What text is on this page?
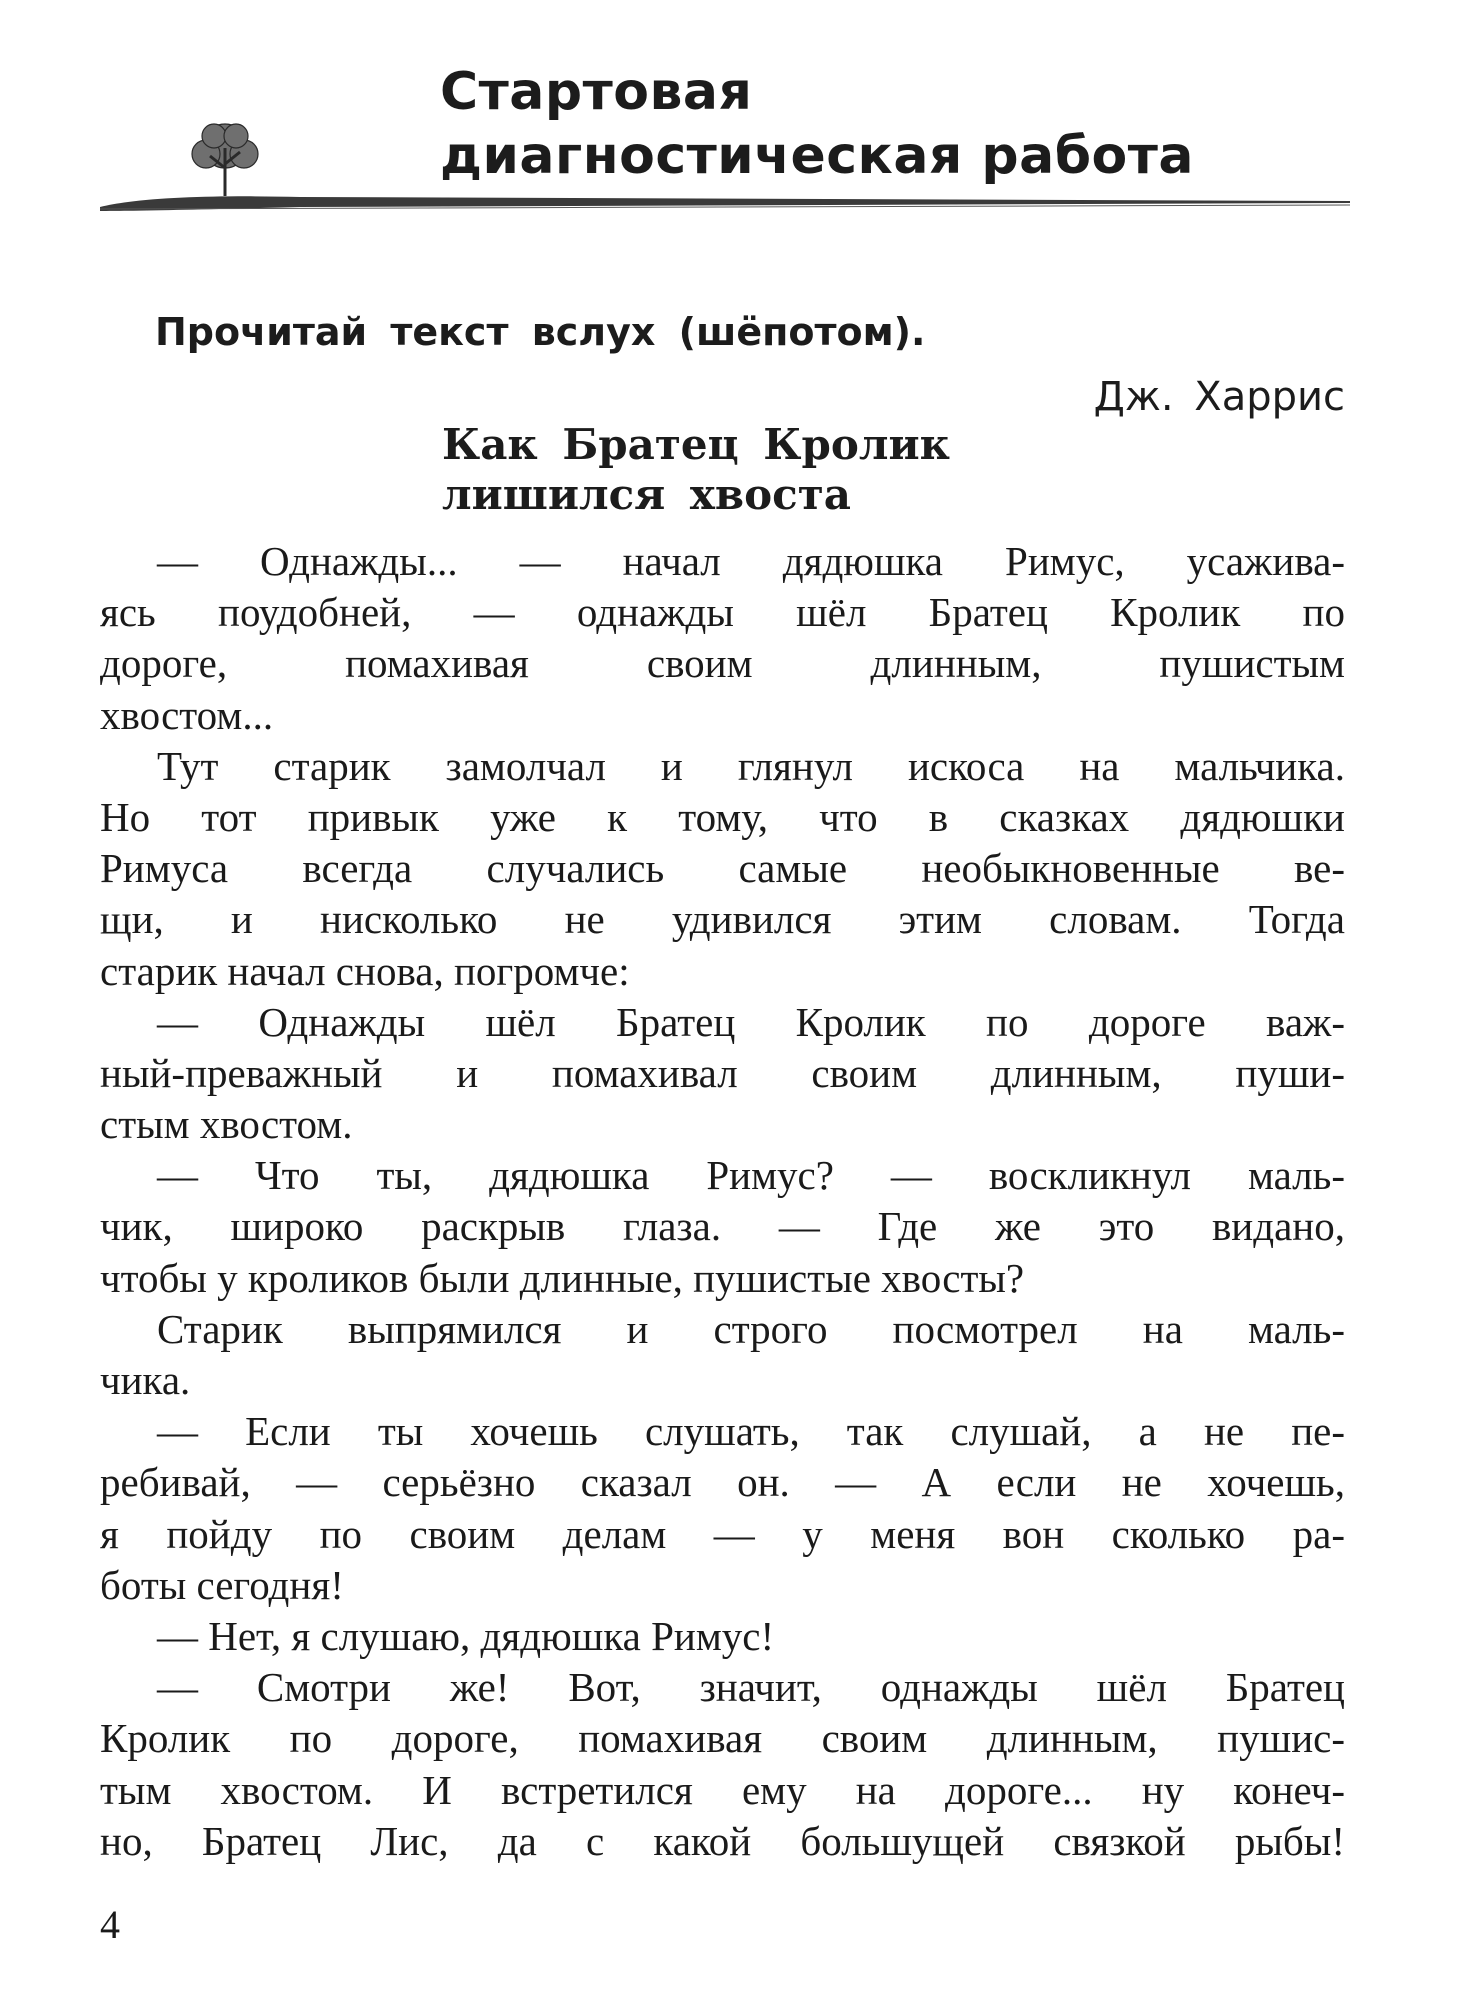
Стартовая
диагностическая работа
Прочитай текст вслух (шёпотом).
Дж. Харрис
Как Братец Кролик
лишился хвоста
— Однажды... — начал дядюшка Римус, усажива-
ясь поудобней, — однажды шёл Братец Кролик по
дороге, помахивая своим длинным, пушистым
хвостом...
Тут старик замолчал и глянул искоса на мальчика.
Но тот привык уже к тому, что в сказках дядюшки
Римуса всегда случались самые необыкновенные ве-
щи, и нисколько не удивился этим словам. Тогда
старик начал снова, погромче:
— Однажды шёл Братец Кролик по дороге важ-
ный-преважный и помахивал своим длинным, пуши-
стым хвостом.
— Что ты, дядюшка Римус? — воскликнул маль-
чик, широко раскрыв глаза. — Где же это видано,
чтобы у кроликов были длинные, пушистые хвосты?
Старик выпрямился и строго посмотрел на маль-
чика.
— Если ты хочешь слушать, так слушай, а не пе-
ребивай, — серьёзно сказал он. — А если не хочешь,
я пойду по своим делам — у меня вон сколько ра-
боты сегодня!
— Нет, я слушаю, дядюшка Римус!
— Смотри же! Вот, значит, однажды шёл Братец
Кролик по дороге, помахивая своим длинным, пушис-
тым хвостом. И встретился ему на дороге... ну конеч-
но, Братец Лис, да с какой большущей связкой рыбы!
4
